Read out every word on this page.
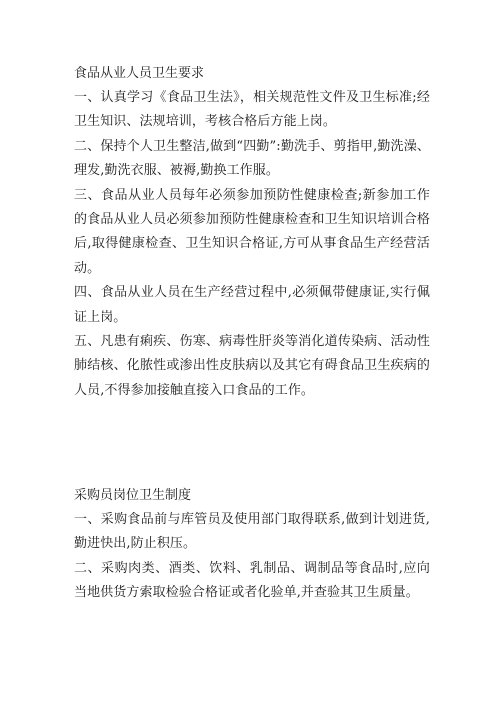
食品从业人员卫生要求

一、认真学习《食品卫生法》，相关规范性文件及卫生标准;经卫生知识、法规培训，考核合格后方能上岗。

二、保持个人卫生整洁,做到“四勤”:勤洗手、剪指甲,勤洗澡、理发,勤洗衣服、被褥,勤换工作服。

三、食品从业人员每年必须参加预防性健康检查;新参加工作的食品从业人员必须参加预防性健康检查和卫生知识培训合格后,取得健康检查、卫生知识合格证,方可从事食品生产经营活动。

四、食品从业人员在生产经营过程中,必须佩带健康证,实行佩证上岗。

五、凡患有痢疾、伤寒、病毒性肝炎等消化道传染病、活动性肺结核、化脓性或渗出性皮肤病以及其它有碍食品卫生疾病的人员,不得参加接触直接入口食品的工作。

采购员岗位卫生制度

一、采购食品前与库管员及使用部门取得联系,做到计划进货,勤进快出,防止积压。

二、采购肉类、酒类、饮料、乳制品、调制品等食品时,应向当地供货方索取检验合格证或者化验单,并查验其卫生质量。
